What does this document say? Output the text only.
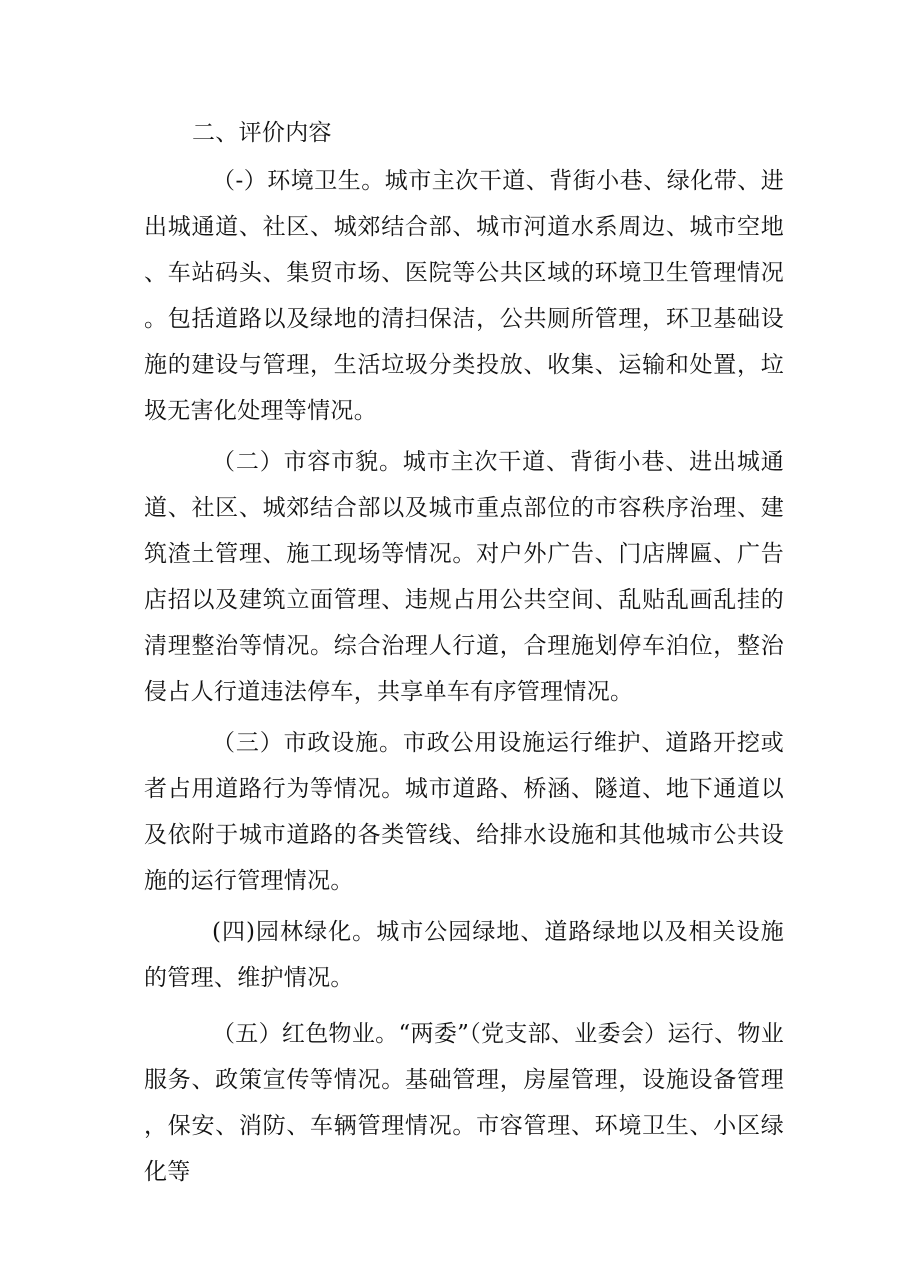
二、评价内容

（-）环境卫生。城市主次干道、背街小巷、绿化带、进出城通道、社区、城郊结合部、城市河道水系周边、城市空地、车站码头、集贸市场、医院等公共区域的环境卫生管理情况。包括道路以及绿地的清扫保洁，公共厕所管理，环卫基础设施的建设与管理，生活垃圾分类投放、收集、运输和处置，垃圾无害化处理等情况。

（二）市容市貌。城市主次干道、背街小巷、进出城通道、社区、城郊结合部以及城市重点部位的市容秩序治理、建筑渣土管理、施工现场等情况。对户外广告、门店牌匾、广告店招以及建筑立面管理、违规占用公共空间、乱贴乱画乱挂的清理整治等情况。综合治理人行道，合理施划停车泊位，整治侵占人行道违法停车，共享单车有序管理情况。

（三）市政设施。市政公用设施运行维护、道路开挖或者占用道路行为等情况。城市道路、桥涵、隧道、地下通道以及依附于城市道路的各类管线、给排水设施和其他城市公共设施的运行管理情况。

(四)园林绿化。城市公园绿地、道路绿地以及相关设施的管理、维护情况。

（五）红色物业。“两委”（党支部、业委会）运行、物业服务、政策宣传等情况。基础管理，房屋管理，设施设备管理，保安、消防、车辆管理情况。市容管理、环境卫生、小区绿化等
